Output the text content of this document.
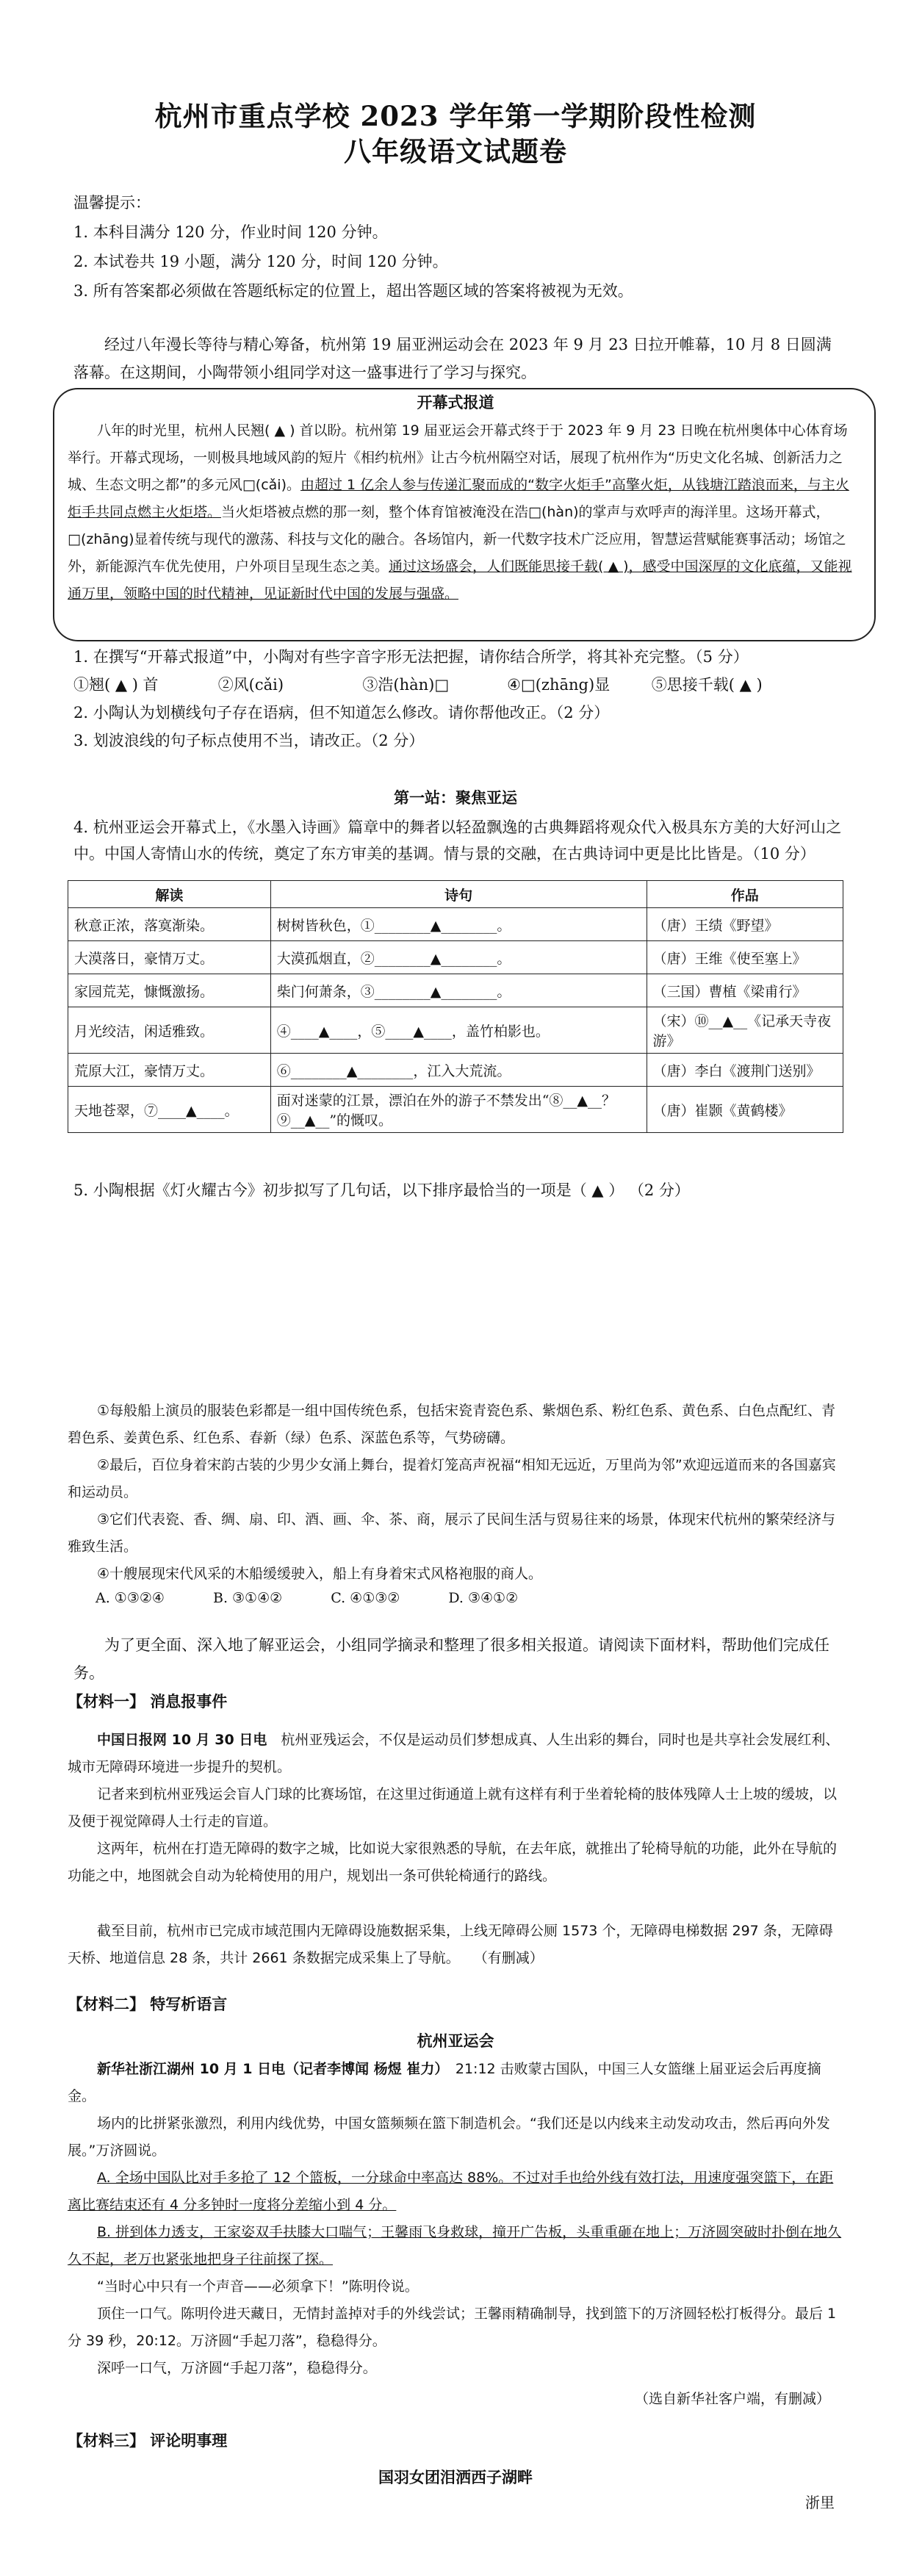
杭州市重点学校 2023 学年第一学期阶段性检测
八年级语文试题卷
温馨提示：
1. 本科目满分 120 分，作业时间 120 分钟。
2. 本试卷共 19 小题，满分 120 分，时间 120 分钟。
3. 所有答案都必须做在答题纸标定的位置上，超出答题区域的答案将被视为无效。
经过八年漫长等待与精心筹备，杭州第 19 届亚洲运动会在 2023 年 9 月 23 日拉开帷幕，10 月 8 日圆满落幕。在这期间，小陶带领小组同学对这一盛事进行了学习与探究。
开幕式报道
八年的时光里，杭州人民翘( ▲ ) 首以盼。杭州第 19 届亚运会开幕式终于于 2023 年 9 月 23 日晚在杭州奥体中心体育场举行。开幕式现场，一则极具地域风韵的短片《相约杭州》让古今杭州隔空对话，展现了杭州作为“历史文化名城、创新活力之城、生态文明之都”的多元风□(cǎi)。由超过 1 亿余人参与传递汇聚而成的“数字火炬手”高擎火炬，从钱塘江踏浪而来，与主火炬手共同点燃主火炬塔。当火炬塔被点燃的那一刻，整个体育馆被淹没在浩□(hàn)的掌声与欢呼声的海洋里。这场开幕式，□(zhāng)显着传统与现代的激荡、科技与文化的融合。各场馆内，新一代数字技术广泛应用，智慧运营赋能赛事活动；场馆之外，新能源汽车优先使用，户外项目呈现生态之美。通过这场盛会，人们既能思接千载( ▲ )，感受中国深厚的文化底蕴，又能视通万里，领略中国的时代精神，见证新时代中国的发展与强盛。
1. 在撰写“开幕式报道”中，小陶对有些字音字形无法把握，请你结合所学，将其补充完整。（5 分）
①翘( ▲ ) 首	②风(cǎi)	③浩(hàn)□	④□(zhāng)显	⑤思接千载( ▲ )
2. 小陶认为划横线句子存在语病，但不知道怎么修改。请你帮他改正。（2 分）
3. 划波浪线的句子标点使用不当，请改正。（2 分）
第一站：聚焦亚运
4. 杭州亚运会开幕式上，《水墨入诗画》篇章中的舞者以轻盈飘逸的古典舞蹈将观众代入极具东方美的大好河山之中。中国人寄情山水的传统，奠定了东方审美的基调。情与景的交融，在古典诗词中更是比比皆是。（10 分）
解读	诗句	作品
秋意正浓，落寞渐染。	树树皆秋色，①________▲________。	（唐）王绩《野望》
大漠落日，豪情万丈。	大漠孤烟直，②________▲________。	（唐）王维《使至塞上》
家园荒芜，慷慨激扬。	柴门何萧条，③________▲________。	（三国）曹植《梁甫行》
月光绞洁，闲适雅致。	④____▲____，⑤____▲____，盖竹柏影也。	（宋）⑩__▲__《记承天寺夜游》
荒原大江，豪情万丈。	⑥________▲________，江入大荒流。	（唐）李白《渡荆门送别》
天地苍翠，⑦____▲____。	面对迷蒙的江景，漂泊在外的游子不禁发出“⑧__▲__？⑨__▲__”的慨叹。	（唐）崔颢《黄鹤楼》
5. 小陶根据《灯火耀古今》初步拟写了几句话，以下排序最恰当的一项是（ ▲ ） （2 分）
①每般船上演员的服装色彩都是一组中国传统色系，包括宋瓷青瓷色系、紫烟色系、粉红色系、黄色系、白色点配红、青碧色系、姜黄色系、红色系、春新（绿）色系、深蓝色系等，气势磅礴。
②最后，百位身着宋韵古装的少男少女涌上舞台，提着灯笼高声祝福“相知无远近，万里尚为邻”欢迎远道而来的各国嘉宾和运动员。
③它们代表瓷、香、绸、扇、印、酒、画、伞、茶、商，展示了民间生活与贸易往来的场景，体现宋代杭州的繁荣经济与雅致生活。
④十艘展现宋代风采的木船缓缓驶入，船上有身着宋式风格袍服的商人。
A. ①③②④	B. ③①④②	C. ④①③②	D. ③④①②
为了更全面、深入地了解亚运会，小组同学摘录和整理了很多相关报道。请阅读下面材料，帮助他们完成任务。
【材料一】 消息报事件
中国日报网 10 月 30 日电　 杭州亚残运会，不仅是运动员们梦想成真、人生出彩的舞台，同时也是共享社会发展红利、城市无障碍环境进一步提升的契机。
记者来到杭州亚残运会盲人门球的比赛场馆，在这里过街通道上就有这样有利于坐着轮椅的肢体残障人士上坡的缓坡，以及便于视觉障碍人士行走的盲道。
这两年，杭州在打造无障碍的数字之城，比如说大家很熟悉的导航，在去年底，就推出了轮椅导航的功能，此外在导航的功能之中，地图就会自动为轮椅使用的用户，规划出一条可供轮椅通行的路线。
截至目前，杭州市已完成市域范围内无障碍设施数据采集，上线无障碍公厕 1573 个，无障碍电梯数据 297 条，无障碍天桥、地道信息 28 条，共计 2661 条数据完成采集上了导航。　　 （有删减）
【材料二】 特写析语言
杭州亚运会
新华社浙江湖州 10 月 1 日电（记者李博闻 杨煜 崔力）　 21:12 击败蒙古国队，中国三人女篮继上届亚运会后再度摘金。
场内的比拼紧张激烈，利用内线优势，中国女篮频频在篮下制造机会。“我们还是以内线来主动发动攻击，然后再向外发展。”万济圆说。
A. 全场中国队比对手多抢了 12 个篮板，一分球命中率高达 88%。不过对手也给外线有效打法，用速度强突篮下，在距离比赛结束还有 4 分多钟时一度将分差缩小到 4 分。
B. 拼到体力透支，王家姿双手扶膝大口喘气；王馨雨飞身救球，撞开广告板，头重重砸在地上；万济圆突破时扑倒在地久久不起，老万也紧张地把身子往前探了探。
“当时心中只有一个声音——必须拿下！”陈明伶说。
顶住一口气。陈明伶进天藏日，无情封盖掉对手的外线尝试；王馨雨精确制导，找到篮下的万济圆轻松打板得分。最后 1 分 39 秒，20:12。万济圆“手起刀落”，稳稳得分。
深呼一口气，万济圆“手起刀落”，稳稳得分。
（选自新华社客户端，有删减）
【材料三】 评论明事理
国羽女团泪洒西子湖畔
浙里
